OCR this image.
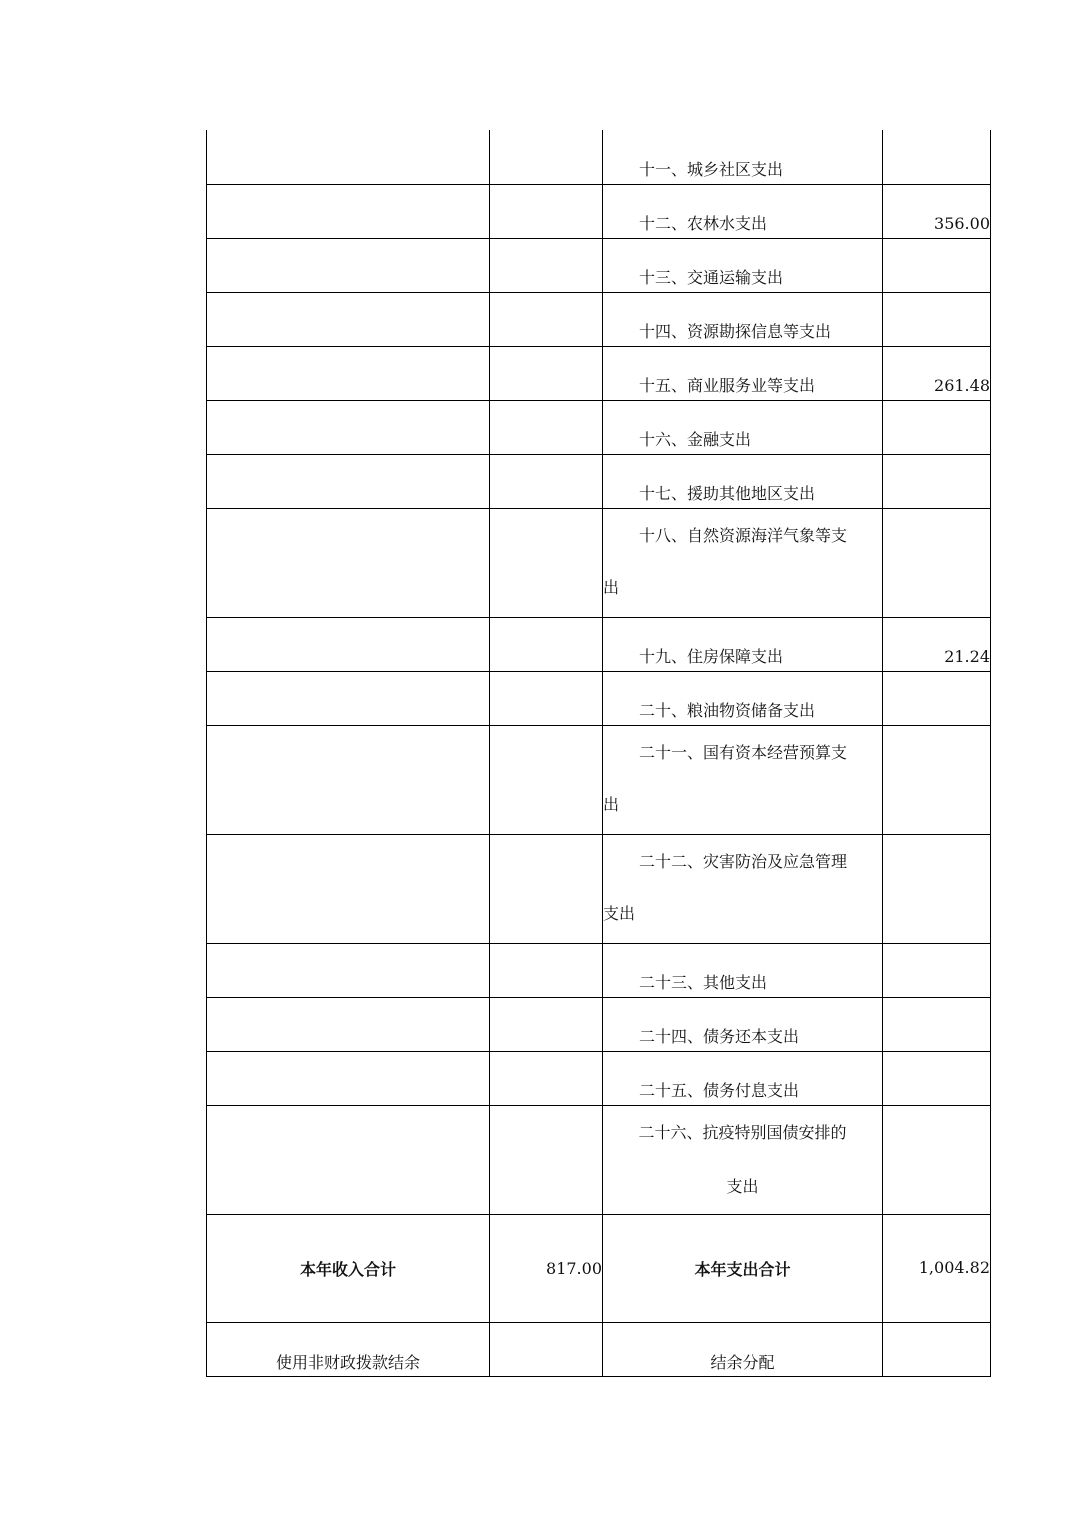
		十一、城乡社区支出	
		十二、农林水支出	356.00
		十三、交通运输支出	
		十四、资源勘探信息等支出	
		十五、商业服务业等支出	261.48
		十六、金融支出	
		十七、援助其他地区支出	

		十八、自然资源海洋气象等支
出	

		十九、住房保障支出	21.24
		二十、粮油物资储备支出	

		二十一、国有资本经营预算支
出	

		二十二、灾害防治及应急管理
支出	

		二十三、其他支出	
		二十四、债务还本支出	
		二十五、债务付息支出	

		二十六、抗疫特别国债安排的
支出	

本年收入合计	817.00	本年支出合计	1,004.82
使用非财政拨款结余		结余分配	
